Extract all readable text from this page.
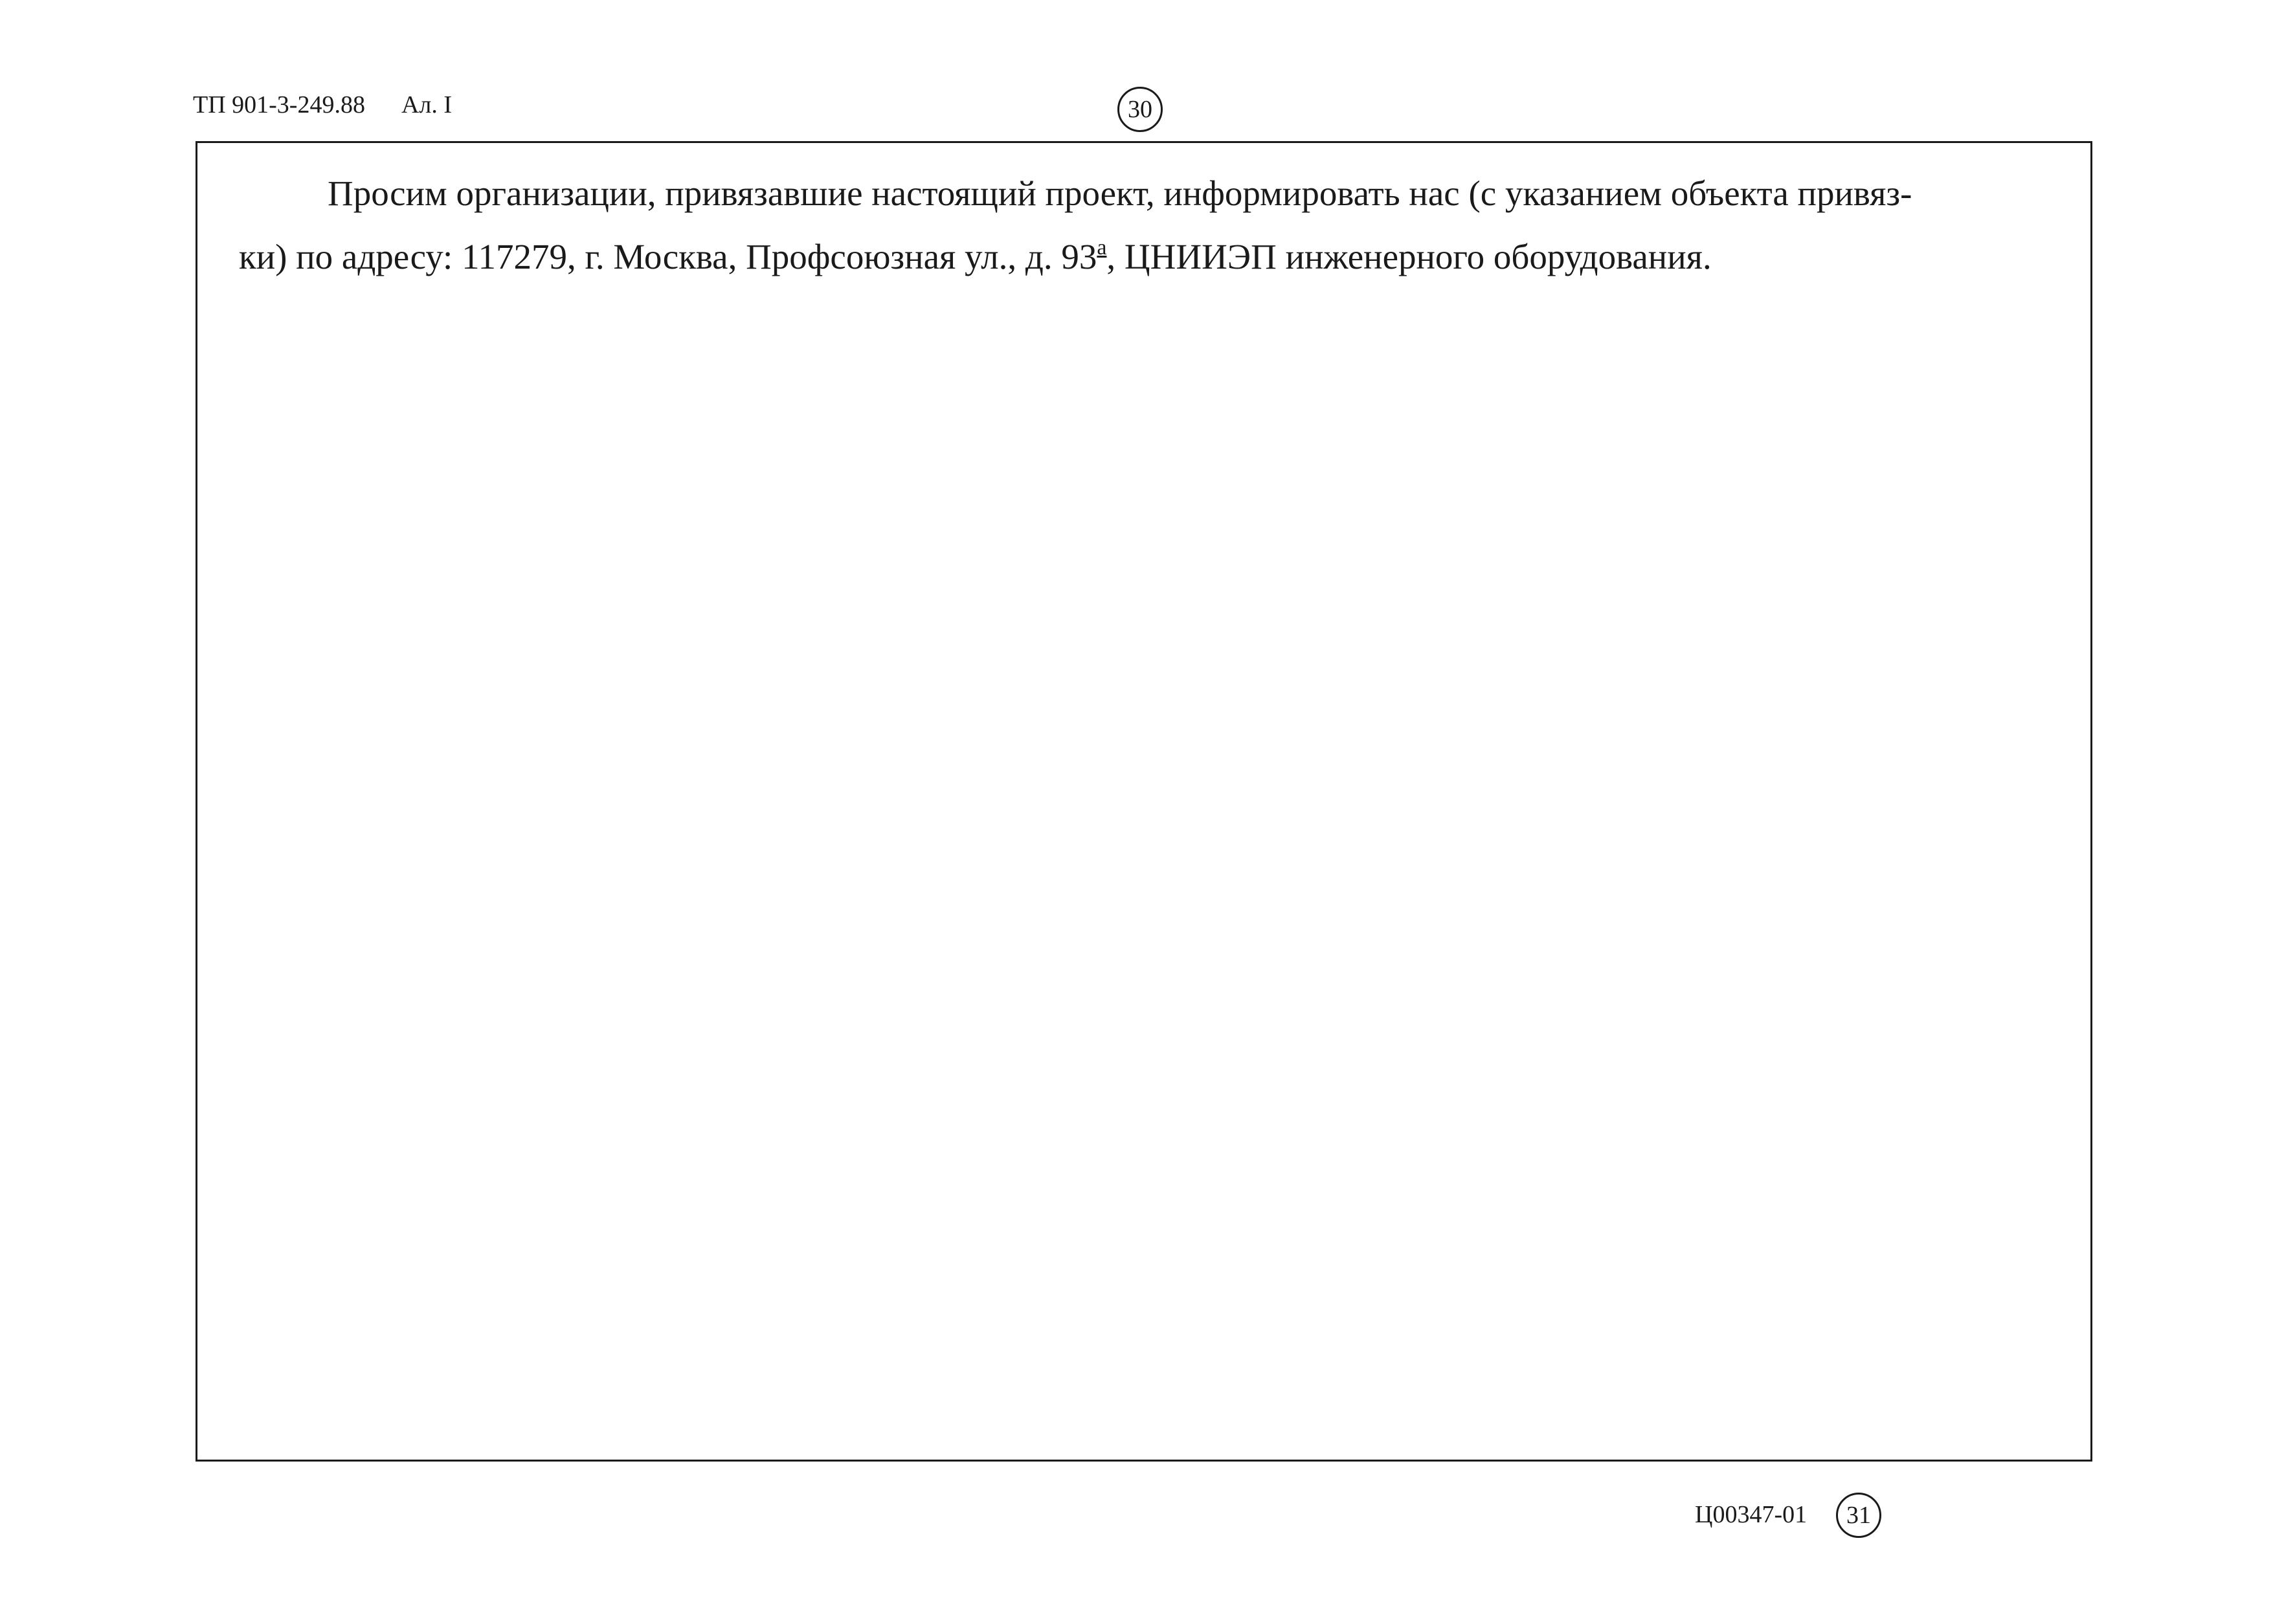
ТП 901-3-249.88 Ал. I	30
Просим организации, привязавшие настоящий проект, информировать нас (с указанием объекта привяз-
ки) по адресу: 117279, г. Москва, Профсоюзная ул., д. $93^а$, ЦНИИЭП инженерного оборудования.
Ц00347-01 31
